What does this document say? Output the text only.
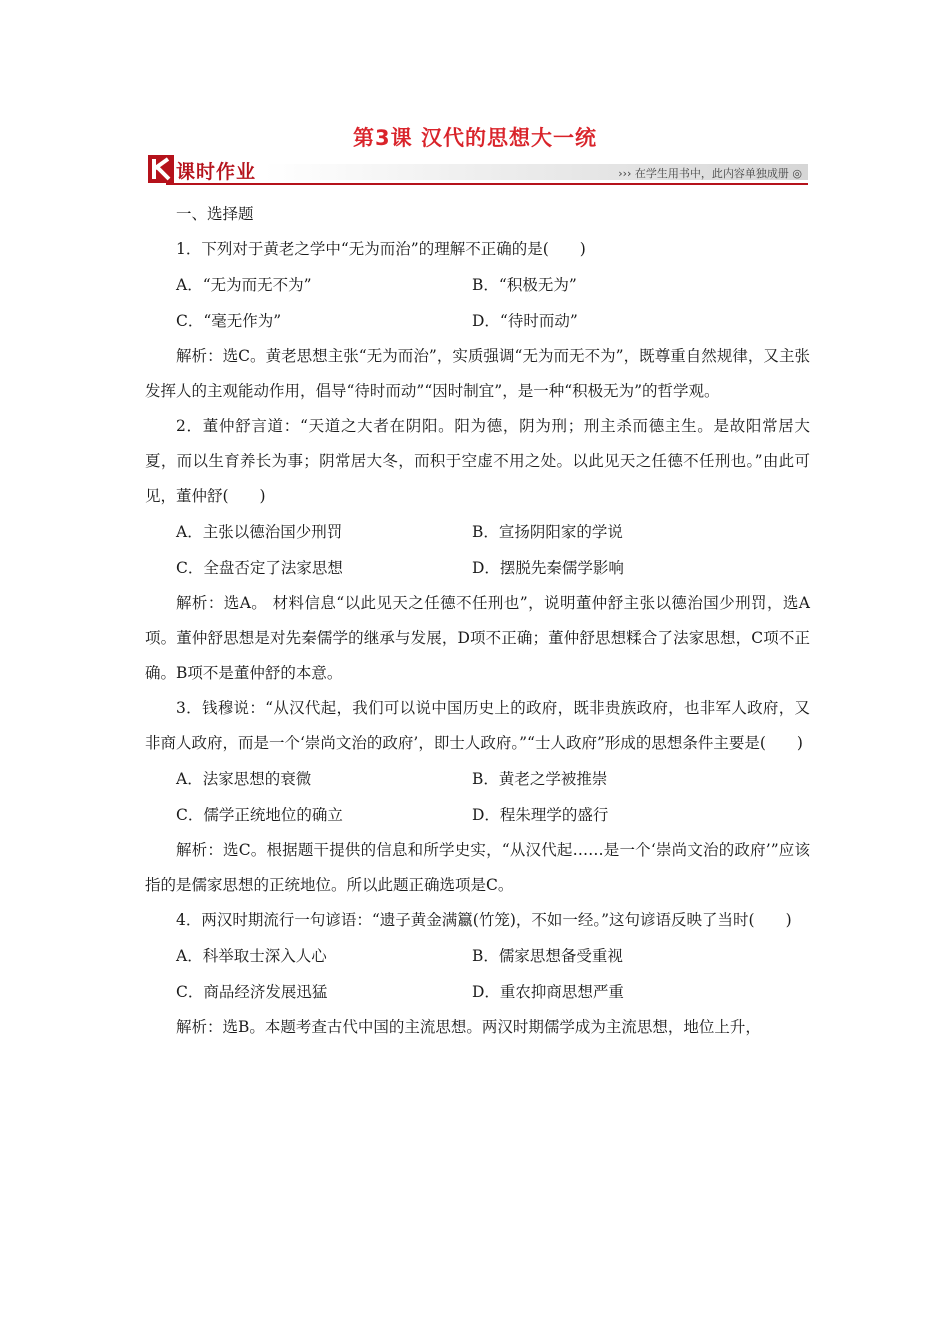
第3课 汉代的思想大一统
课时作业	››› 在学生用书中，此内容单独成册 ◎

一、选择题

1．下列对于黄老之学中“无为而治”的理解不正确的是(　　)

A．“无为而无不为”	B．“积极无为”
C．“毫无作为”	D．“待时而动”

解析：选C。黄老思想主张“无为而治”，实质强调“无为而无不为”，既尊重自然规律，又主张发挥人的主观能动作用，倡导“待时而动”“因时制宜”，是一种“积极无为”的哲学观。

2．董仲舒言道：“天道之大者在阴阳。阳为德，阴为刑；刑主杀而德主生。是故阳常居大夏，而以生育养长为事；阴常居大冬，而积于空虚不用之处。以此见天之任德不任刑也。”由此可见，董仲舒(　　)

A．主张以德治国少刑罚	B．宣扬阴阳家的学说
C．全盘否定了法家思想	D．摆脱先秦儒学影响

解析：选A。 材料信息“以此见天之任德不任刑也”，说明董仲舒主张以德治国少刑罚，选A项。董仲舒思想是对先秦儒学的继承与发展，D项不正确；董仲舒思想糅合了法家思想，C项不正确。B项不是董仲舒的本意。

3．钱穆说：“从汉代起，我们可以说中国历史上的政府，既非贵族政府，也非军人政府，又非商人政府，而是一个‘崇尚文治的政府’，即士人政府。”“士人政府”形成的思想条件主要是(　　)

A．法家思想的衰微	B．黄老之学被推崇
C．儒学正统地位的确立	D．程朱理学的盛行

解析：选C。根据题干提供的信息和所学史实，“从汉代起……是一个‘崇尚文治的政府’”应该指的是儒家思想的正统地位。所以此题正确选项是C。

4．两汉时期流行一句谚语：“遗子黄金满籝(竹笼)，不如一经。”这句谚语反映了当时(　　)

A．科举取士深入人心	B．儒家思想备受重视
C．商品经济发展迅猛	D．重农抑商思想严重

解析：选B。本题考查古代中国的主流思想。两汉时期儒学成为主流思想，地位上升，
